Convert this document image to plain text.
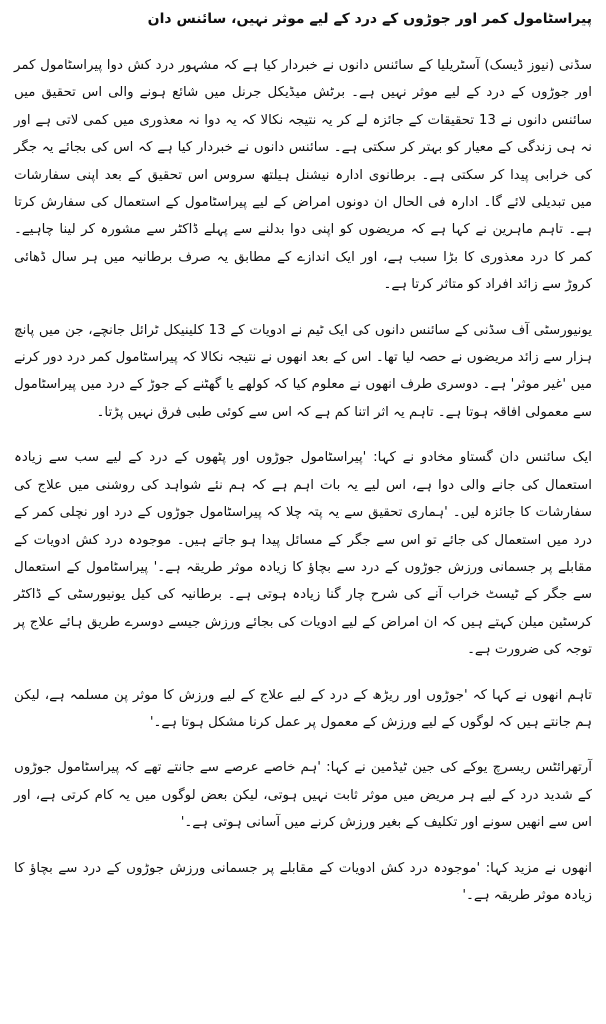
پیراسٹامول کمر اور جوڑوں کے درد کے لیے موثر نہیں، سائنس دان

سڈنی (نیوز ڈیسک) آسٹریلیا کے سائنس دانوں نے خبردار کیا ہے کہ مشہور درد کش دوا پیراسٹامول کمر اور جوڑوں کے درد کے لیے موثر نہیں ہے۔ برٹش میڈیکل جرنل میں شائع ہونے والی اس تحقیق میں سائنس دانوں نے 13 تحقیقات کے جائزہ لے کر یہ نتیجہ نکالا کہ یہ دوا نہ معذوری میں کمی لاتی ہے اور نہ ہی زندگی کے معیار کو بہتر کر سکتی ہے۔ سائنس دانوں نے خبردار کیا ہے کہ اس کی بجائے یہ جگر کی خرابی پیدا کر سکتی ہے۔ برطانوی ادارہ نیشنل ہیلتھ سروس اس تحقیق کے بعد اپنی سفارشات میں تبدیلی لائے گا۔ ادارہ فی الحال ان دونوں امراض کے لیے پیراسٹامول کے استعمال کی سفارش کرتا ہے۔ تاہم ماہرین نے کہا ہے کہ مریضوں کو اپنی دوا بدلنے سے پہلے ڈاکٹر سے مشورہ کر لینا چاہیے۔ کمر کا درد معذوری کا بڑا سبب ہے، اور ایک اندازے کے مطابق یہ صرف برطانیہ میں ہر سال ڈھائی کروڑ سے زائد افراد کو متاثر کرتا ہے۔

یونیورسٹی آف سڈنی کے سائنس دانوں کی ایک ٹیم نے ادویات کے 13 کلینیکل ٹرائل جانچے، جن میں پانچ ہزار سے زائد مریضوں نے حصہ لیا تھا۔ اس کے بعد انھوں نے نتیجہ نکالا کہ پیراسٹامول کمر درد دور کرنے میں 'غیر موثر' ہے۔ دوسری طرف انھوں نے معلوم کیا کہ کولھے یا گھٹنے کے جوڑ کے درد میں پیراسٹامول سے معمولی افاقہ ہوتا ہے۔ تاہم یہ اثر اتنا کم ہے کہ اس سے کوئی طبی فرق نہیں پڑتا۔

ایک سائنس دان گستاو مخادو نے کہا: 'پیراسٹامول جوڑوں اور پٹھوں کے درد کے لیے سب سے زیادہ استعمال کی جانے والی دوا ہے، اس لیے یہ بات اہم ہے کہ ہم نئے شواہد کی روشنی میں علاج کی سفارشات کا جائزہ لیں۔ 'ہماری تحقیق سے یہ پتہ چلا کہ پیراسٹامول جوڑوں کے درد اور نچلی کمر کے درد میں استعمال کی جائے تو اس سے جگر کے مسائل پیدا ہو جاتے ہیں۔ موجودہ درد کش ادویات کے مقابلے پر جسمانی ورزش جوڑوں کے درد سے بچاؤ کا زیادہ موثر طریقہ ہے۔' پیراسٹامول کے استعمال سے جگر کے ٹیسٹ خراب آنے کی شرح چار گنا زیادہ ہوتی ہے۔ برطانیہ کی کیل یونیورسٹی کے ڈاکٹر کرسٹین میلن کہتے ہیں کہ ان امراض کے لیے ادویات کی بجائے ورزش جیسے دوسرے طریق ہائے علاج پر توجہ کی ضرورت ہے۔

تاہم انھوں نے کہا کہ 'جوڑوں اور ریڑھ کے درد کے لیے علاج کے لیے ورزش کا موثر پن مسلمہ ہے، لیکن ہم جانتے ہیں کہ لوگوں کے لیے ورزش کے معمول پر عمل کرنا مشکل ہوتا ہے۔'

آرتھرائٹس ریسرچ یوکے کی جین ٹیڈمین نے کہا: 'ہم خاصے عرصے سے جانتے تھے کہ پیراسٹامول جوڑوں کے شدید درد کے لیے ہر مریض میں موثر ثابت نہیں ہوتی، لیکن بعض لوگوں میں یہ کام کرتی ہے، اور اس سے انھیں سونے اور تکلیف کے بغیر ورزش کرنے میں آسانی ہوتی ہے۔'

انھوں نے مزید کہا: 'موجودہ درد کش ادویات کے مقابلے پر جسمانی ورزش جوڑوں کے درد سے بچاؤ کا زیادہ موثر طریقہ ہے۔'
